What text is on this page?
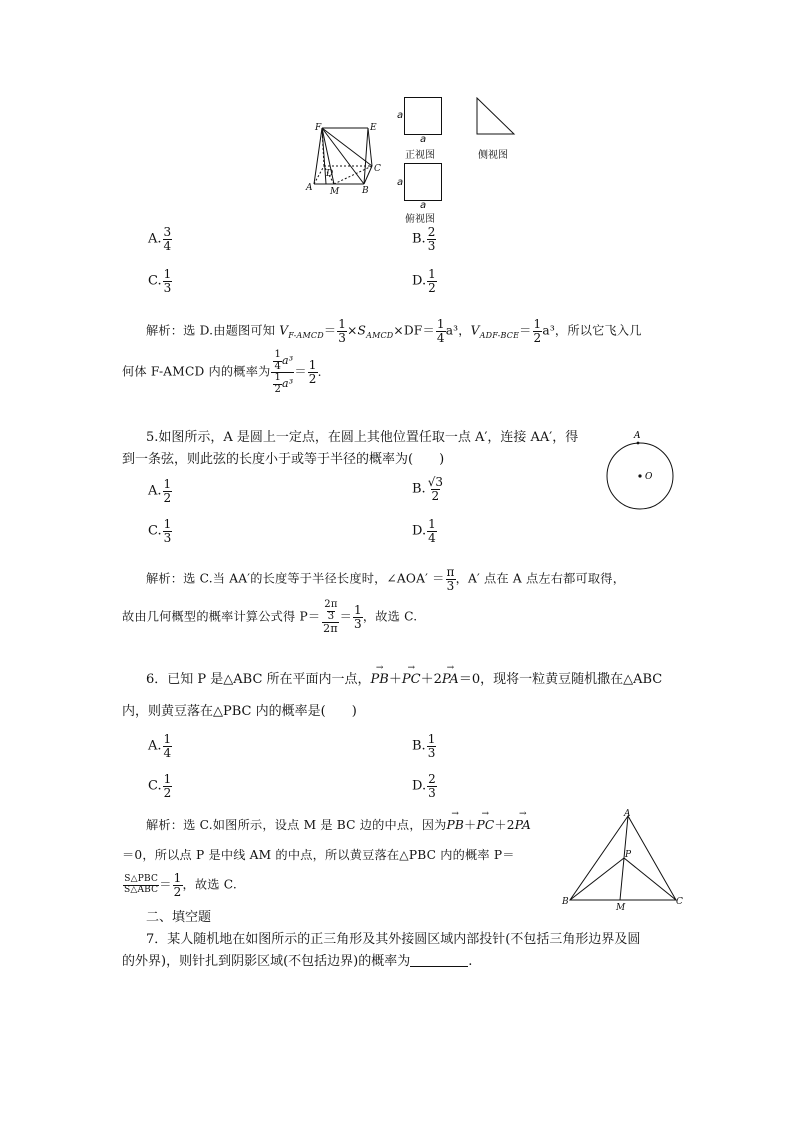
F	E
D	C
A M	B
a
a
正视图	侧视图
a
a
俯视图
A. $\frac{3}{4}$	B. $\frac{2}{3}$
C. $\frac{1}{3}$	D. $\frac{1}{2}$
解析：选 D.由题图可知 $V_{F-AMCD}= \frac{1}{3} \times S_{AMCD}\times DF= \frac{1}{4} a^3$，$V_{ADF-BCE}= \frac{1}{2} a^3$，所以它飞入几
何体 F-AMCD 内的概率为 $\frac{\frac{1}{4} a^3}{\frac{1}{2} a^3} = \frac{1}{2}$ .
5.如图所示，A 是圆上一定点，在圆上其他位置任取一点 A′，连接 AA′，得
到一条弦，则此弦的长度小于或等于半径的概率为(　　)
A
O
A. $\frac{1}{2}$	B. $\frac{√3}{2}$
C. $\frac{1}{3}$	D. $\frac{1}{4}$
解析：选 C.当 AA′的长度等于半径长度时，∠AOA′ ＝ $\frac{\pi}{3}$ ，A′ 点在 A 点左右都可取得，
故由几何概型的概率计算公式得 $P= \frac{\frac{2\pi}{3}}{2\pi} = \frac{1}{3}$ ，故选 C.
6．已知 P 是△ABC 所在平面内一点，→ PB＋→ PC＋2→ PA＝0，现将一粒黄豆随机撒在△ABC
内，则黄豆落在△PBC 内的概率是(　　)
A. $\frac{1}{4}$	B. $\frac{1}{3}$
C. $\frac{1}{2}$	D. $\frac{2}{3}$
解析：选 C.如图所示，设点 M 是 BC 边的中点，因为→ PB＋→ PC＋2→ PA
＝0，所以点 P 是中线 AM 的中点，所以黄豆落在△PBC 内的概率 P＝
$\frac{\text{S△PBC}}{\text{S△ABC}} = \frac{1}{2}$ ，故选 C.
A
P
B
M
C
二、填空题
7．某人随机地在如图所示的正三角形及其外接圆区域内部投针(不包括三角形边界及圆
的外界)，则针扎到阴影区域(不包括边界)的概率为	.
